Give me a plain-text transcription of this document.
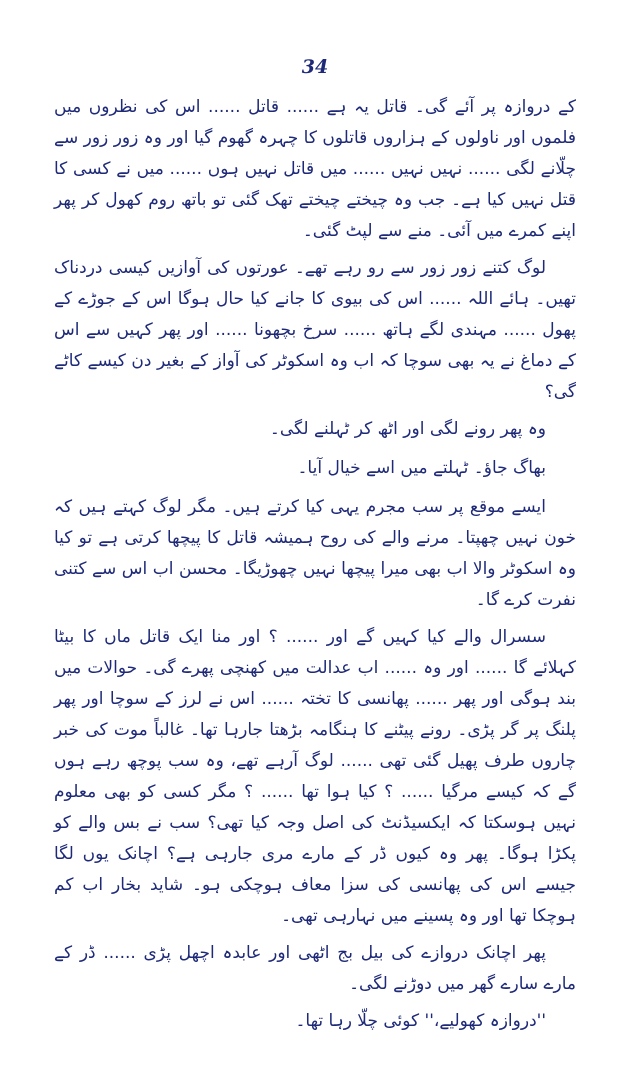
34

کے دروازہ پر آئے گی۔ قاتل یہ ہے ...... قاتل ...... اس کی نظروں میں فلموں اور ناولوں کے ہزاروں قاتلوں کا چہرہ گھوم گیا اور وہ زور زور سے چلّانے لگی ...... نہیں نہیں ...... میں قاتل نہیں ہوں ...... میں نے کسی کا قتل نہیں کیا ہے۔ جب وہ چیختے چیختے تھک گئی تو باتھ روم کھول کر پھر اپنے کمرے میں آئی۔ منے سے لپٹ گئی۔

لوگ کتنے زور زور سے رو رہے تھے۔ عورتوں کی آوازیں کیسی دردناک تھیں۔ ہائے اللہ ...... اس کی بیوی کا جانے کیا حال ہوگا اس کے جوڑے کے پھول ...... مہندی لگے ہاتھ ...... سرخ بچھونا ...... اور پھر کہیں سے اس کے دماغ نے یہ بھی سوچا کہ اب وہ اسکوٹر کی آواز کے بغیر دن کیسے کاٹے گی؟

وہ پھر رونے لگی اور اٹھ کر ٹہلنے لگی۔

بھاگ جاؤ۔ ٹہلتے میں اسے خیال آیا۔

ایسے موقع پر سب مجرم یہی کیا کرتے ہیں۔ مگر لوگ کہتے ہیں کہ خون نہیں چھپتا۔ مرنے والے کی روح ہمیشہ قاتل کا پیچھا کرتی ہے تو کیا وہ اسکوٹر والا اب بھی میرا پیچھا نہیں چھوڑیگا۔ محسن اب اس سے کتنی نفرت کرے گا۔

سسرال والے کیا کہیں گے اور ...... ؟ اور منا ایک قاتل ماں کا بیٹا کہلائے گا ...... اور وہ ...... اب عدالت میں کھنچی پھرے گی۔ حوالات میں بند ہوگی اور پھر ...... پھانسی کا تختہ ...... اس نے لرز کے سوچا اور پھر پلنگ پر گر پڑی۔ رونے پیٹنے کا ہنگامہ بڑھتا جارہا تھا۔ غالباً موت کی خبر چاروں طرف پھیل گئی تھی ...... لوگ آرہے تھے، وہ سب پوچھ رہے ہوں گے کہ کیسے مرگیا ...... ؟ کیا ہوا تھا ...... ؟ مگر کسی کو بھی معلوم نہیں ہوسکتا کہ ایکسیڈنٹ کی اصل وجہ کیا تھی؟ سب نے بس والے کو پکڑا ہوگا۔ پھر وہ کیوں ڈر کے مارے مری جارہی ہے؟ اچانک یوں لگا جیسے اس کی پھانسی کی سزا معاف ہوچکی ہو۔ شاید بخار اب کم ہوچکا تھا اور وہ پسینے میں نہارہی تھی۔

پھر اچانک دروازے کی بیل بج اٹھی اور عابدہ اچھل پڑی ...... ڈر کے مارے سارے گھر میں دوڑنے لگی۔

''دروازہ کھولیے،'' کوئی چلّا رہا تھا۔
